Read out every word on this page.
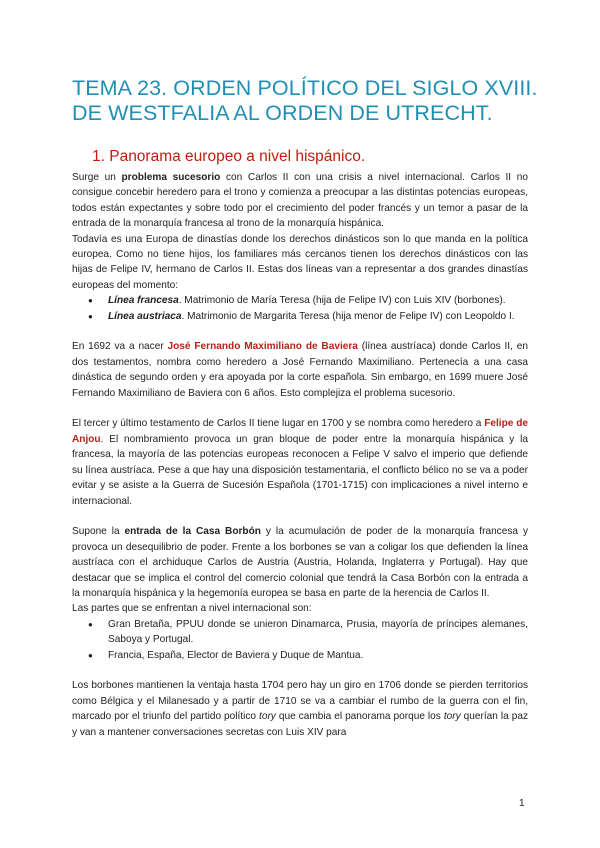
TEMA 23. ORDEN POLÍTICO DEL SIGLO XVIII.
DE WESTFALIA AL ORDEN DE UTRECHT.
1. Panorama europeo a nivel hispánico.

Surge un problema sucesorio con Carlos II con una crisis a nivel internacional. Carlos II no consigue concebir heredero para el trono y comienza a preocupar a las distintas potencias europeas, todos están expectantes y sobre todo por el crecimiento del poder francés y un temor a pasar de la entrada de la monarquía francesa al trono de la monarquía hispánica.

Todavía es una Europa de dinastías donde los derechos dinásticos son lo que manda en la política europea. Como no tiene hijos, los familiares más cercanos tienen los derechos dinásticos con las hijas de Felipe IV, hermano de Carlos II. Estas dos líneas van a representar a dos grandes dinastías europeas del momento:

● Línea francesa. Matrimonio de María Teresa (hija de Felipe IV) con Luis XIV (borbones).
● Línea austriaca. Matrimonio de Margarita Teresa (hija menor de Felipe IV) con Leopoldo I.

En 1692 va a nacer José Fernando Maximiliano de Baviera (línea austríaca) donde Carlos II, en dos testamentos, nombra como heredero a José Fernando Maximiliano. Pertenecía a una casa dinástica de segundo orden y era apoyada por la corte española. Sin embargo, en 1699 muere José Fernando Maximiliano de Baviera con 6 años. Esto complejiza el problema sucesorio.

El tercer y último testamento de Carlos II tiene lugar en 1700 y se nombra como heredero a Felipe de Anjou. El nombramiento provoca un gran bloque de poder entre la monarquía hispánica y la francesa, la mayoría de las potencias europeas reconocen a Felipe V salvo el imperio que defiende su línea austríaca. Pese a que hay una disposición testamentaria, el conflicto bélico no se va a poder evitar y se asiste a la Guerra de Sucesión Española (1701-1715) con implicaciones a nivel interno e internacional.

Supone la entrada de la Casa Borbón y la acumulación de poder de la monarquía francesa y provoca un desequilibrio de poder. Frente a los borbones se van a coligar los que defienden la línea austríaca con el archiduque Carlos de Austria (Austria, Holanda, Inglaterra y Portugal). Hay que destacar que se implica el control del comercio colonial que tendrá la Casa Borbón con la entrada a la monarquía hispánica y la hegemonía europea se basa en parte de la herencia de Carlos II.

Las partes que se enfrentan a nivel internacional son:

● Gran Bretaña, PPUU donde se unieron Dinamarca, Prusia, mayoría de príncipes alemanes, Saboya y Portugal.
● Francia, España, Elector de Baviera y Duque de Mantua.

Los borbones mantienen la ventaja hasta 1704 pero hay un giro en 1706 donde se pierden territorios como Bélgica y el Milanesado y a partir de 1710 se va a cambiar el rumbo de la guerra con el fin, marcado por el triunfo del partido político tory que cambia el panorama porque los tory querían la paz y van a mantener conversaciones secretas con Luis XIV para

1
